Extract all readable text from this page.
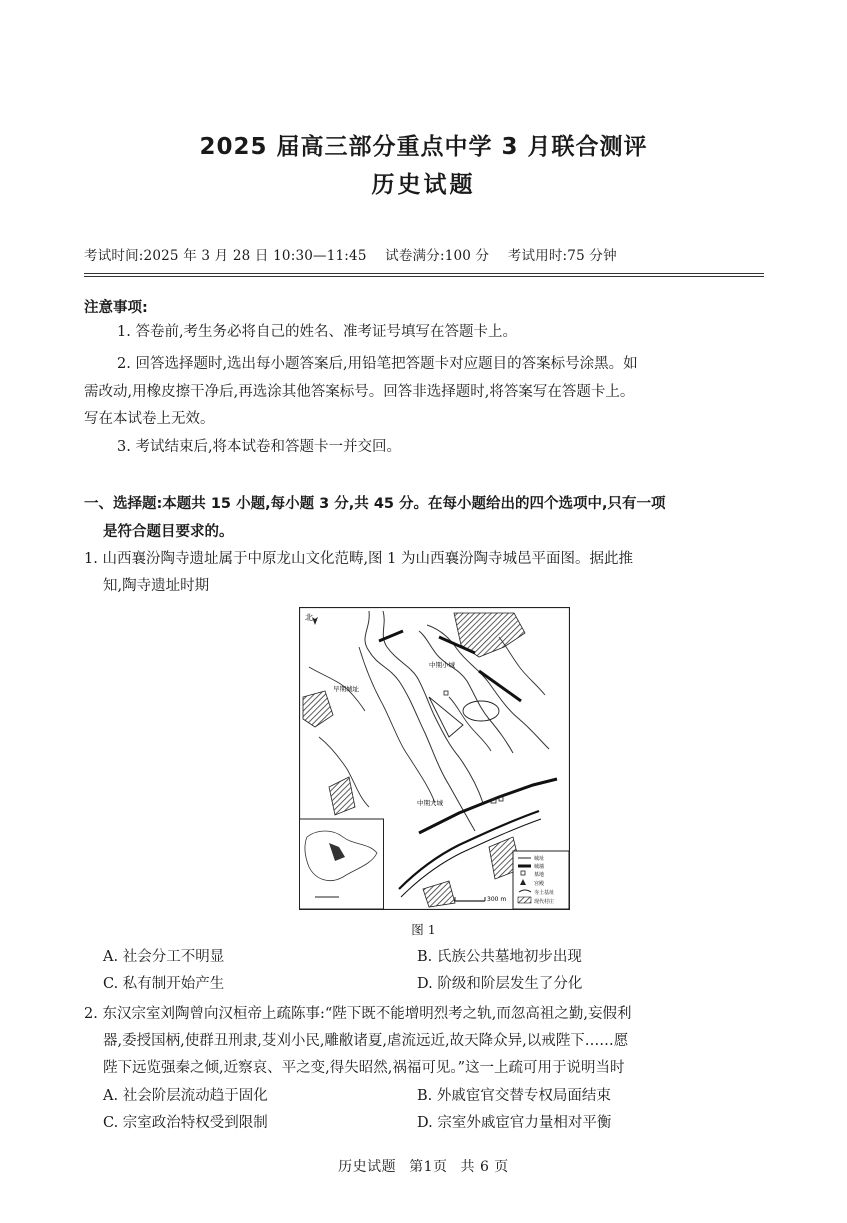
2025 届高三部分重点中学 3 月联合测评
历史试题
考试时间:2025 年 3 月 28 日 10:30—11:45 试卷满分:100 分 考试用时:75 分钟
注意事项:
1. 答卷前,考生务必将自己的姓名、准考证号填写在答题卡上。
2. 回答选择题时,选出每小题答案后,用铅笔把答题卡对应题目的答案标号涂黑。如
需改动,用橡皮擦干净后,再选涂其他答案标号。回答非选择题时,将答案写在答题卡上。
写在本试卷上无效。
3. 考试结束后,将本试卷和答题卡一并交回。
一、选择题:本题共 15 小题,每小题 3 分,共 45 分。在每小题给出的四个选项中,只有一项
是符合题目要求的。
1. 山西襄汾陶寺遗址属于中原龙山文化范畴,图 1 为山西襄汾陶寺城邑平面图。据此推
知,陶寺遗址时期
北
中期小城
中期大城
早期城址
城址
城墙
墓地
宫殿
夯土基址
现代村庄
300 m
图 1
A. 社会分工不明显	B. 氏族公共墓地初步出现
C. 私有制开始产生	D. 阶级和阶层发生了分化
2. 东汉宗室刘陶曾向汉桓帝上疏陈事:“陛下既不能增明烈考之轨,而忽高祖之勤,妄假利
器,委授国柄,使群丑刑隶,芟刈小民,雕敝诸夏,虐流远近,故天降众异,以戒陛下……愿
陛下远览强秦之倾,近察哀、平之变,得失昭然,祸福可见。”这一上疏可用于说明当时
A. 社会阶层流动趋于固化	B. 外戚宦官交替专权局面结束
C. 宗室政治特权受到限制	D. 宗室外戚宦官力量相对平衡
历史试题 第1页 共 6 页
